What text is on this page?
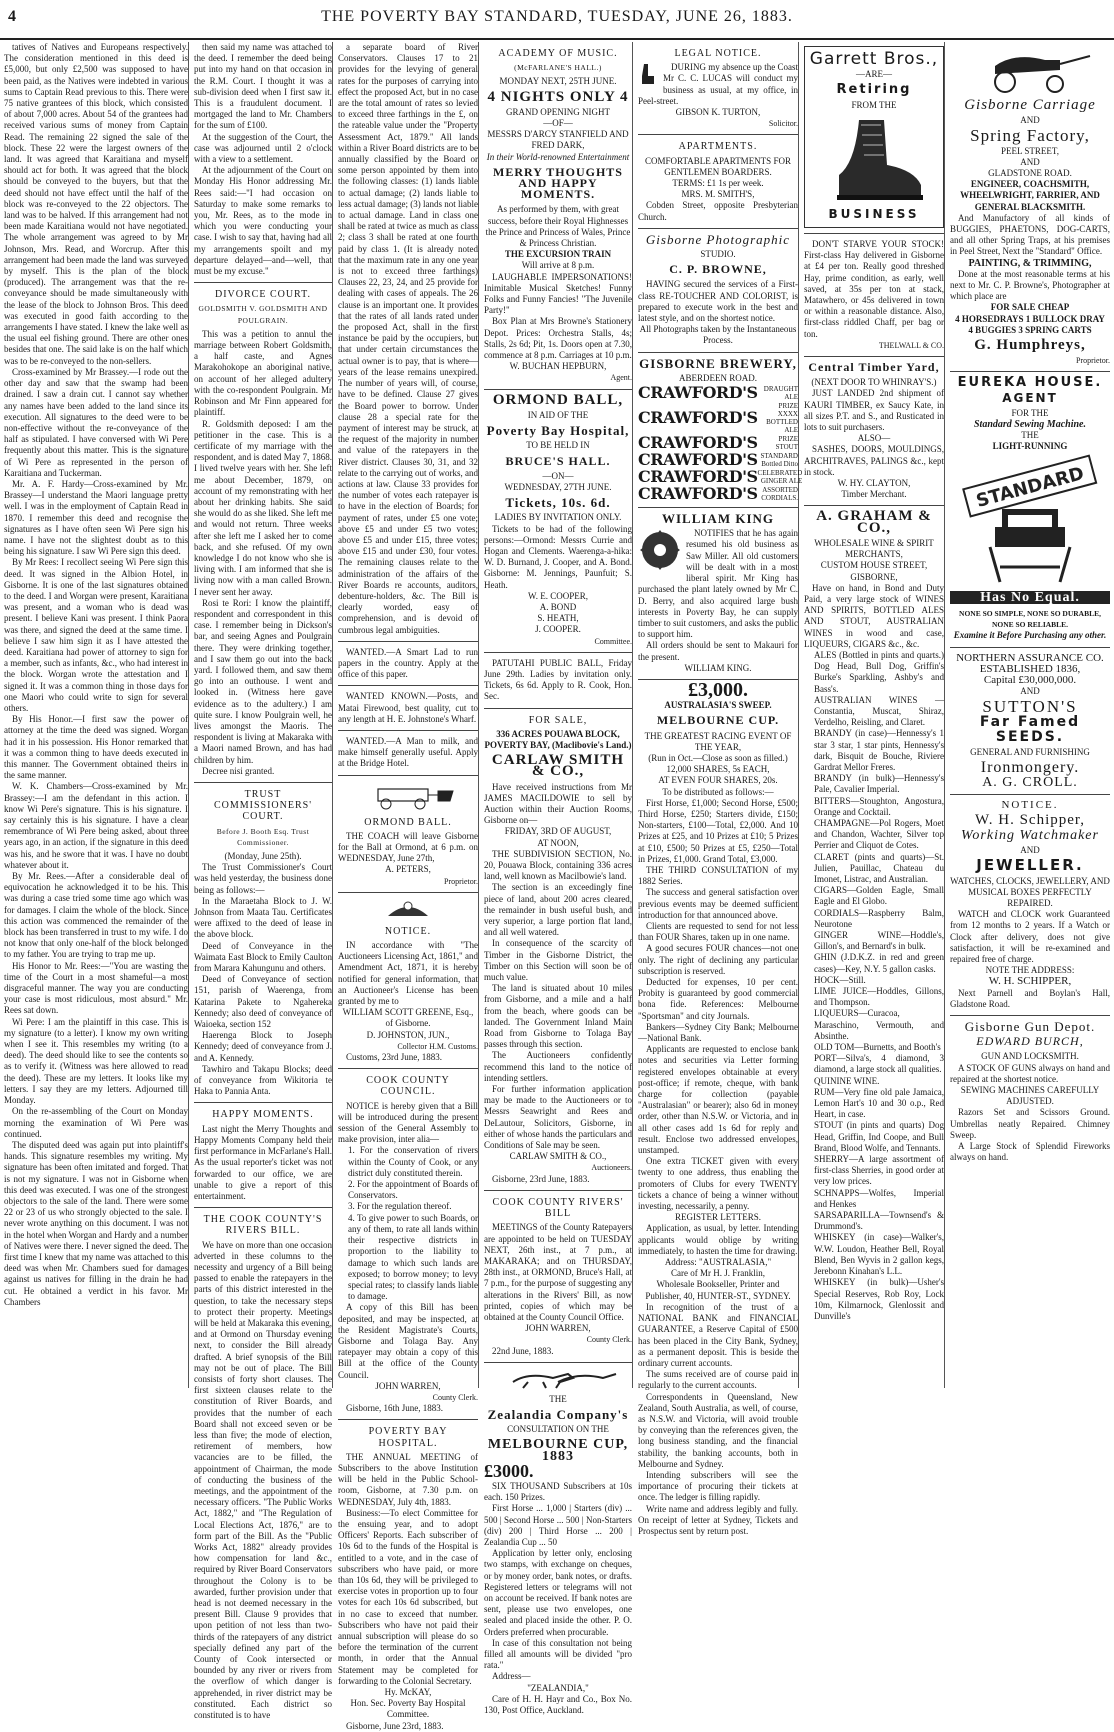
4	THE POVERTY BAY STANDARD, TUESDAY, JUNE 26, 1883.

tatives of Natives and Europeans respectively. The consideration mentioned in this deed is £5,000, but only £2,500 was supposed to have been paid, as the Natives were indebted in various sums to Captain Read previous to this. There were 75 native grantees of this block, which consisted of about 7,000 acres. About 54 of the grantees had received various sums of money from Captain Read. The remaining 22 signed the sale of the block. These 22 were the largest owners of the land. It was agreed that Karaitiana and myself should act for both. It was agreed that the block should be conveyed to the buyers, but that the deed should not have effect until the half of the block was re-conveyed to the 22 objectors. The land was to be halved. If this arrangement had not been made Karaitiana would not have negotiated. The whole arrangement was agreed to by Mr Johnson, Mrs. Read, and Worcrup. After this arrangement had been made the land was surveyed by myself. This is the plan of the block (produced). The arrangement was that the re-conveyance should be made simultaneously with the lease of the block to Johnson Bros. This deed was executed in good faith according to the arrangements I have stated. I knew the lake well as the usual eel fishing ground. There are other ones besides that one. The said lake is on the half which was to be re-conveyed to the non-sellers.

Cross-examined by Mr Brassey.—I rode out the other day and saw that the swamp had been drained. I saw a drain cut. I cannot say whether any names have been added to the land since its execution. All signatures to the deed were to be non-effective without the re-conveyance of the half as stipulated. I have conversed with Wi Pere frequently about this matter. This is the signature of Wi Pere as represented in the person of Karaitiana and Tuckerman.

Mr. A. F. Hardy—Cross-examined by Mr. Brassey—I understand the Maori language pretty well. I was in the employment of Captain Read in 1870. I remember this deed and recognise the signatures as I have often seen Wi Pere sign his name. I have not the slightest doubt as to this being his signature. I saw Wi Pere sign this deed.

By Mr Rees: I recollect seeing Wi Pere sign this deed. It was signed in the Albion Hotel, in Gisborne. It is one of the last signatures obtained to the deed. I and Worgan were present, Karaitiana was present, and a woman who is dead was present. I believe Kani was present. I think Paora was there, and signed the deed at the same time. I believe I saw him sign it as I have attested the deed. Karaitiana had power of attorney to sign for a member, such as infants, &c., who had interest in the block. Worgan wrote the attestation and I signed it. It was a common thing in those days for one Maori who could write to sign for several others.

By His Honor.—I first saw the power of attorney at the time the deed was signed. Worgan had it in his possession. His Honor remarked that it was a common thing to have deeds executed in this manner. The Government obtained theirs in the same manner.

W. K. Chambers—Cross-examined by Mr. Brassey:—I am the defendant in this action. I know Wi Pere's signature. This is his signature. I say certainly this is his signature. I have a clear remembrance of Wi Pere being asked, about three years ago, in an action, if the signature in this deed was his, and he swore that it was. I have no doubt whatever about it.

By Mr. Rees.—After a considerable deal of equivocation he acknowledged it to be his. This was during a case tried some time ago which was for damages. I claim the whole of the block. Since this action was commenced the remainder of the block has been transferred in trust to my wife. I do not know that only one-half of the block belonged to my father. You are trying to trap me up.

His Honor to Mr. Rees:—"You are wasting the time of the Court in a most shameful—a most disgraceful manner. The way you are conducting your case is most ridiculous, most absurd." Mr. Rees sat down.

Wi Pere: I am the plaintiff in this case. This is my signature (to a letter). I know my own writing when I see it. This resembles my writing (to a deed). The deed should like to see the contents so as to verify it. (Witness was here allowed to read the deed). These are my letters. It looks like my letters. I say they are my letters. Adjourned till Monday.

On the re-assembling of the Court on Monday morning the examination of Wi Pere was continued.

The disputed deed was again put into plaintiff's hands. This signature resembles my writing. My signature has been often imitated and forged. That is not my signature. I was not in Gisborne when this deed was executed. I was one of the strongest objectors to the sale of the land. There were some 22 or 23 of us who strongly objected to the sale. I never wrote anything on this document. I was not in the hotel when Worgan and Hardy and a number of Natives were there. I never signed the deed. The first time I knew that my name was attached to this deed was when Mr. Chambers sued for damages against us natives for filling in the drain he had cut. He obtained a verdict in his favor. Mr Chambers

then said my name was attached to the deed. I remember the deed being put into my hand on that occasion in the R.M. Court. I thought it was a sub-division deed when I first saw it. This is a fraudulent document. I mortgaged the land to Mr. Chambers for the sum of £100.

At the suggestion of the Court, the case was adjourned until 2 o'clock with a view to a settlement.

At the adjournment of the Court on Monday His Honor addressing Mr. Rees said:—"I had occasion on Saturday to make some remarks to you, Mr. Rees, as to the mode in which you were conducting your case. I wish to say that, having had all my arrangements spoilt and my departure delayed—and—well, that must be my excuse."

DIVORCE COURT.
GOLDSMITH V. GOLDSMITH AND POULGRAIN.

This was a petition to annul the marriage between Robert Goldsmith, a half caste, and Agnes Marakohokope an aboriginal native, on account of her alleged adultery with the co-respondent Poulgrain. Mr Robinson and Mr Finn appeared for plaintiff.

R. Goldsmith deposed: I am the petitioner in the case. This is a certificate of my marriage with the respondent, and is dated May 7, 1868. I lived twelve years with her. She left me about December, 1879, on account of my remonstrating with her about her drinking habits. She said she would do as she liked. She left me and would not return. Three weeks after she left me I asked her to come back, and she refused. Of my own knowledge I do not know who she is living with. I am informed that she is living now with a man called Brown. I never sent her away.

Rosi te Rori: I know the plaintiff, respondent and correspondent in this case. I remember being in Dickson's bar, and seeing Agnes and Poulgrain there. They were drinking together, and I saw them go out into the back yard. I followed them, and saw them go into an outhouse. I went and looked in. (Witness here gave evidence as to the adultery.) I am quite sure. I know Poulgrain well, he lives amongst the Maoris. The respondent is living at Makaraka with a Maori named Brown, and has had children by him.

Decree nisi granted.

TRUST COMMISSIONERS' COURT.
Before J. Booth Esq. Trust Commissioner.

(Monday, June 25th).

The Trust Commissioner's Court was held yesterday, the business done being as follows:—

In the Maraetaha Block to J. W. Johnson from Maata Tau. Certificates were affixed to the deed of lease in the above block.

Deed of Conveyance in the Waimata East Block to Emily Caulton from Marara Kahungunu and others.

Deed of Conveyance of section 151, parish of Waerenga, from Katarina Pakete to Ngahereka Kennedy; also deed of conveyance of Waioeka, section 152

Haerenga Block to Joseph Kennedy; deed of conveyance from J. and A. Kennedy.

Tawhiro and Takapu Blocks; deed of conveyance from Wikitoria te Haka to Pannia Anta.

HAPPY MOMENTS.

Last night the Merry Thoughts and Happy Moments Company held their first performance in McFarlane's Hall. As the usual reporter's ticket was not forwarded to our office, we are unable to give a report of this entertainment.

THE COOK COUNTY'S RIVERS BILL.

We have on more than one occasion adverted in these columns to the necessity and urgency of a Bill being passed to enable the ratepayers in the parts of this district interested in the question, to take the necessary steps to protect their property. Meetings will be held at Makaraka this evening, and at Ormond on Thursday evening next, to consider the Bill already drafted. A brief synopsis of the Bill may not be out of place. The Bill consists of forty short clauses. The first sixteen clauses relate to the constitution of River Boards, and provides that the number of each Board shall not exceed seven or be less than five; the mode of election, retirement of members, how vacancies are to be filled, the appointment of Chairman, the mode of conducting the business of the meetings, and the appointment of the necessary officers. "The Public Works Act, 1882," and "The Regulation of Local Elections Act, 1876," are to form part of the Bill. As the "Public Works Act, 1882" already provides how compensation for land &c., required by River Board Conservators throughout the Colony is to be awarded, further provision under that head is not deemed necessary in the present Bill. Clause 9 provides that upon petition of not less than two-thirds of the ratepayers of any district specially defined any part of the County of Cook intersected or bounded by any river or rivers from the overflow of which danger is apprehended, in river district may be constituted. Each district so constituted is to have

a separate board of River Conservators. Clauses 17 to 21 provides for the levying of general rates for the purposes of carrying into effect the proposed Act, but in no case are the total amount of rates so levied to exceed three farthings in the £, on the rateable value under the "Property Assessment Act, 1879." All lands within a River Board districts are to be annually classified by the Board or some person appointed by them into the following classes: (1) lands liable to actual damage; (2) lands liable to less actual damage; (3) lands not liable to actual damage. Land in class one shall be rated at twice as much as class 2; class 3 shall be rated at one fourth paid by class 1. (It is already noted that the maximum rate in any one year is not to exceed three farthings) Clauses 22, 23, 24, and 25 provide for dealing with cases of appeals. The 26 clause is an important one. It provides that the rates of all lands rated under the proposed Act, shall in the first instance be paid by the occupiers, but that under certain circumstances the actual owner is to pay, that is where—years of the lease remains unexpired. The number of years will, of course, have to be defined. Clause 27 gives the Board power to borrow. Under clause 28 a special rate for the payment of interest may be struck, at the request of the majority in number and value of the ratepayers in the River district. Clauses 30, 31, and 32 relate to the carrying out of works, and actions at law. Clause 33 provides for the number of votes each ratepayer is to have in the election of Boards; for payment of rates, under £5 one vote; above £5 and under £5 two votes; above £5 and under £15, three votes; above £15 and under £30, four votes. The remaining clauses relate to the administration of the affairs of the River Boards re accounts, auditors, debenture-holders, &c. The Bill is clearly worded, easy of comprehension, and is devoid of cumbrous legal ambiguities.

WANTED.—A Smart Lad to run papers in the country. Apply at the office of this paper.

WANTED KNOWN.—Posts, and Matai Firewood, best quality, cut to any length at H. E. Johnstone's Wharf.

WANTED.—A Man to milk, and make himself generally useful. Apply at the Bridge Hotel.

ORMOND BALL.

THE COACH will leave Gisborne for the Ball at Ormond, at 6 p.m. on WEDNESDAY, June 27th,

A. PETERS,

Proprietor.

NOTICE.

IN accordance with "The Auctioneers Licensing Act, 1861," and Amendment Act, 1871, it is hereby notified for general information, that an Auctioneer's License has been granted by me to

WILLIAM SCOTT GREENE, Esq., of Gisborne.

D. JOHNSTON, JUN.,

Collector H.M. Customs.

Customs, 23rd June, 1883.

COOK COUNTY COUNCIL.

NOTICE is hereby given that a Bill will be introduced during the present session of the General Assembly to make provision, inter alia—

1. For the conservation of rivers within the County of Cook, or any district duly constituted therein.

2. For the appointment of Boards of Conservators.

3. For the regulation thereof.

4. To give power to such Boards, or any of them, to rate all lands within their respective districts in proportion to the liability to damage to which such lands are exposed; to borrow money; to levy special rates; to classify lands liable to damage.

A copy of this Bill has been deposited, and may be inspected, at the Resident Magistrate's Courts, Gisborne and Tolaga Bay. Any ratepayer may obtain a copy of this Bill at the office of the County Council.

JOHN WARREN,

County Clerk.

Gisborne, 16th June, 1883.

POVERTY BAY HOSPITAL.

THE ANNUAL MEETING of Subscribers to the above Institution will be held in the Public School-room, Gisborne, at 7.30 p.m. on WEDNESDAY, July 4th, 1883.

Business:—To elect Committee for the ensuing year, and to adopt Officers' Reports. Each subscriber of 10s 6d to the funds of the Hospital is entitled to a vote, and in the case of subscribers who have paid, or more than 10s 6d, they will be privileged to exercise votes in proportion up to four votes for each 10s 6d subscribed, but in no case to exceed that number. Subscribers who have not paid their annual subscription will please do so before the termination of the current month, in order that the Annual Statement may be completed for forwarding to the Colonial Secretary.

Hy. McKAY,

Hon. Sec. Poverty Bay Hospital Committee.

Gisborne, June 23rd, 1883.

ACADEMY OF MUSIC.
(McFARLANE'S HALL.)

MONDAY NEXT, 25TH JUNE.

4 NIGHTS ONLY 4

GRAND OPENING NIGHT

—OF—

MESSRS D'ARCY STANFIELD AND FRED DARK,

In their World-renowned Entertainment

MERRY THOUGHTS AND HAPPY MOMENTS.

As performed by them, with great success, before their Royal Highnesses the Prince and Princess of Wales, Prince & Princess Christian.

THE EXCURSION TRAIN

Will arrive at 8 p.m.

LAUGHABLE IMPERSONATIONS! Inimitable Musical Sketches! Funny Folks and Funny Fancies! "The Juvenile Party!"

Box Plan at Mrs Browne's Stationery Depot. Prices: Orchestra Stalls, 4s; Stalls, 2s 6d; Pit, 1s. Doors open at 7.30, commence at 8 p.m. Carriages at 10 p.m.

W. BUCHAN HEPBURN,

Agent.

ORMOND BALL,

IN AID OF THE

Poverty Bay Hospital,

TO BE HELD IN

BRUCE'S HALL.

—ON—

WEDNESDAY, 27TH JUNE.

Tickets, 10s. 6d.

LADIES BY INVITATION ONLY.

Tickets to be had of the following persons:—Ormond: Messrs Currie and Hogan and Clements. Waerenga-a-hika: W. D. Burnand, J. Cooper, and A. Bond. Gisborne: M. Jennings, Paunfuit; S. Heath.

W. E. COOPER,

A. BOND

S. HEATH,

J. COOPER.

Committee.

PATUTAHI PUBLIC BALL, Friday June 29th. Ladies by invitation only. Tickets, 6s 6d. Apply to R. Cook, Hon. Sec.

FOR SALE,

336 ACRES POUAWA BLOCK, POVERTY BAY, (Maclibovie's Land.)

CARLAW SMITH & CO.,

Have received instructions from Mr JAMES MACILDOWIE to sell by Auction within their Auction Rooms, Gisborne on—

FRIDAY, 3RD OF AUGUST,

AT NOON,

THE SUBDIVISION SECTION, No. 20, Pouawa Block, containing 336 acres land, well known as Macilbowie's land.

The section is an exceedingly fine piece of land, about 200 acres cleared, the remainder in bush useful bush, and very superior, a large portion flat land, and all well watered.

In consequence of the scarcity of Timber in the Gisborne District, the Timber on this Section will soon be of much value.

The land is situated about 10 miles from Gisborne, and a mile and a half from the beach, where goods can be landed. The Government Inland Main Road from Gisborne to Tolaga Bay passes through this section.

The Auctioneers confidently recommend this land to the notice of intending settlers.

For further information application may be made to the Auctioneers or to Messrs Seawright and Rees and DeLautour, Solicitors, Gisborne, in either of whose hands the particulars and Conditions of Sale may be seen.

CARLAW SMITH & CO.,

Auctioneers.

Gisborne, 23rd June, 1883.

COOK COUNTY RIVERS' BILL

MEETINGS of the County Ratepayers are appointed to be held on TUESDAY NEXT, 26th inst., at 7 p.m., at MAKARAKA; and on THURSDAY, 28th inst., at ORMOND, Bruce's Hall, at 7 p.m., for the purpose of suggesting any alterations in the Rivers' Bill, as now printed, copies of which may be obtained at the County Council Office.

JOHN WARREN,

County Clerk.

22nd June, 1883.

THE

Zealandia Company's

CONSULTATION ON THE

MELBOURNE CUP, 1883
£3000.

SIX THOUSAND Subscribers at 10s each. 150 Prizes.

First Horse ... 1,000 | Starters (div) ... 500 | Second Horse ... 500 | Non-Starters (div) 200 | Third Horse ... 200 | Zealandia Cup ... 50

Application by letter only, enclosing two stamps, with exchange on cheques, or by money order, bank notes, or drafts. Registered letters or telegrams will not on account be received. If bank notes are sent, please use two envelopes, one sealed and placed inside the other. P. O. Orders preferred when procurable.

In case of this consultation not being filled all amounts will be divided "pro rata."

Address—

"ZEALANDIA,"

Care of H. H. Hayr and Co., Box No. 130, Post Office, Auckland.

LEGAL NOTICE.

DURING my absence up the Coast Mr C. C. LUCAS will conduct my business as usual, at my office, in Peel-street.

GIBSON K. TURTON,

Solicitor.

APARTMENTS.

COMFORTABLE APARTMENTS FOR GENTLEMEN BOARDERS.

TERMS: £1 1s per week.

MRS. M. SMITH'S,

Cobden Street, opposite Presbyterian Church.

Gisborne Photographic

STUDIO.

C. P. BROWNE,

HAVING secured the services of a First-class RE-TOUCHER AND COLORIST, is prepared to execute work in the best and latest style, and on the shortest notice.

All Photographs taken by the Instantaneous Process.

GISBORNE BREWERY,

ABERDEEN ROAD.

CRAWFORD'S DRAUGHT ALE
CRAWFORD'S
PRIZE XXXX BOTTLED ALE
CRAWFORD'S	PRIZE STOUT
CRAWFORD'S STANDARD Bottled Ditto
CRAWFORD'S CELEBRATED GINGER ALE
CRAWFORD'S ASSORTED CORDIALS.
WILLIAM KING

NOTIFIES that he has again resumed his old business as Saw Miller. All old customers will be dealt with in a most liberal spirit. Mr King has purchased the plant lately owned by Mr C. D. Berry, and also acquired large bush interests in Poverty Bay, he can supply timber to suit customers, and asks the public to support him.

All orders should be sent to Makauri for the present.

WILLIAM KING.

£3,000.

AUSTRALASIA'S SWEEP.

MELBOURNE CUP.

THE GREATEST RACING EVENT OF THE YEAR,

(Run in Oct.—Close as soon as filled.)

12,000 SHARES, 5s EACH,

AT EVEN FOUR SHARES, 20s.

To be distributed as follows:—

First Horse, £1,000; Second Horse, £500; Third Horse, £250; Starters divide, £150; Non-starters, £100—Total, £2,000. And 10 Prizes at £25, and 10 Prizes at £10; 5 Prizes at £10, £500; 50 Prizes at £5, £250—Total in Prizes, £1,000. Grand Total, £3,000.

THE THIRD CONSULTATION of my 1882 Series.

The success and general satisfaction over previous events may be deemed sufficient introduction for that announced above.

Clients are requested to send for not less than FOUR Shares, taken up in one name.

A good secures FOUR chances—not one only. The right of declining any particular subscription is reserved.

Deducted for expenses, 10 per cent. Probity is guaranteed by good commercial bona fide. References: Melbourne "Sportsman" and city Journals.

Bankers—Sydney City Bank; Melbourne —National Bank.

Applicants are requested to enclose bank notes and securities via Letter forming registered envelopes obtainable at every post-office; if remote, cheque, with bank charge for collection (payable "Australasian" or bearer); also 6d in money order, other than N.S.W. or Victoria, and in all other cases add 1s 6d for reply and result. Enclose two addressed envelopes, unstamped.

One extra TICKET given with every twenty to one address, thus enabling the promoters of Clubs for every TWENTY tickets a chance of being a winner without investing, necessarily, a penny.

REGISTER LETTERS.

Application, as usual, by letter. Intending applicants would oblige by writing immediately, to hasten the time for drawing.

Address: "AUSTRALASIA,"

Care of Mr H. J. Franklin,

Wholesale Bookseller, Printer and Publisher, 40, HUNTER-ST., SYDNEY.

In recognition of the trust of a NATIONAL BANK and FINANCIAL GUARANTEE, a Reserve Capital of £500 has been placed in the City Bank, Sydney, as a permanent deposit. This is beside the ordinary current accounts.

The sums received are of course paid in regularly to the current accounts.

Correspondents in Queensland, New Zealand, South Australia, as well, of course, as N.S.W. and Victoria, will avoid trouble by conveying than the references given, the long business standing, and the financial stability, the banking accounts, both in Melbourne and Sydney.

Intending subscribers will see the importance of procuring their tickets at once. The ledger is filling rapidly.

Write name and address legibly and fully. On receipt of letter at Sydney, Tickets and Prospectus sent by return post.

Garrett Bros.,

—ARE—

Retiring

FROM THE

BUSINESS

DON'T STARVE YOUR STOCK! First-class Hay delivered in Gisborne at £4 per ton. Really good threshed Hay, prime condition, as early, well saved, at 35s per ton at stack, Matawhero, or 45s delivered in town or within a reasonable distance. Also, first-class riddled Chaff, per bag or ton.

THELWALL & CO.

Central Timber Yard,

(NEXT DOOR TO WHINRAY'S.)

JUST LANDED 2nd shipment of KAURI TIMBER, ex Saucy Kate, in all sizes P.T. and S., and Rusticated in lots to suit purchasers.

ALSO—

SASHES, DOORS, MOULDINGS, ARCHITRAVES, PALINGS &c., kept in stock.

W. HY. CLAYTON,

Timber Merchant.

A. GRAHAM & CO.,

WHOLESALE WINE & SPIRIT MERCHANTS,

CUSTOM HOUSE STREET,

GISBORNE,

Have on hand, in Bond and Duty Paid, a very large stock of WINES AND SPIRITS, BOTTLED ALES AND STOUT, AUSTRALIAN WINES in wood and case, LIQUEURS, CIGARS &c., &c.

ALES (Bottled in pints and quarts.) Dog Head, Bull Dog, Griffin's Burke's Sparkling, Ashby's and Bass's.

AUSTRALIAN WINES — Constantia, Muscat, Shiraz, Verdelho, Reisling, and Claret.

BRANDY (in case)—Hennessy's 1 star 3 star, 1 star pints, Hennessy's dark, Bisquit de Bouche, Riviere Gardrat Mellor Freres.

BRANDY (in bulk)—Hennessy's Pale, Cavalier Imperial.

BITTERS—Stoughton, Angostura, Orange and Cocktail.

CHAMPAGNE—Pol Rogers, Moet and Chandon, Wachter, Silver top Perrier and Cliquot de Cotes.

CLARET (pints and quarts)—St. Julien, Pauillac, Chateau du Imonet, Listrac, and Australian.

CIGARS—Golden Eagle, Small Eagle and El Globo.

CORDIALS—Raspberry Balm, Neurotone

GINGER WINE—Hoddle's, Gillon's, and Bernard's in bulk.

GHIN (J.D.K.Z. in red and green cases)—Key, N.Y. 5 gallon casks.

HOCK—Still.

LIME JUICE—Hoddles, Gillons, and Thompson.

LIQUEURS—Curacoa, Maraschino, Vermouth, and Absinthe.

OLD TOM—Burnetts, and Booth's

PORT—Silva's, 4 diamond, 3 diamond, a large stock all qualities.

QUININE WINE.

RUM—Very fine old pale Jamaica, Lemon Hart's 10 and 30 o.p., Red Heart, in case.

STOUT (in pints and quarts) Dog Head, Griffin, Ind Coope, and Bull Brand, Blood Wolfe, and Tennants.

SHERRY—A large assortment of first-class Sherries, in good order at very low prices.

SCHNAPPS—Wolfes, Imperial and Henkes

SARSAPARILLA—Townsend's & Drummond's.

WHISKEY (in case)—Walker's, W.W. Loudon, Heather Bell, Royal Blend, Ben Wyvis in 2 gallon kegs, Jerebonn Kinahan's L.L.

WHISKEY (in bulk)—Usher's Special Reserves, Rob Roy, Lock 10m, Kilmarnock, Glenlossit and Dunville's

Gisborne Carriage

AND

Spring Factory,

PEEL STREET,

AND

GLADSTONE ROAD.

ENGINEER, COACHSMITH, WHEELWRIGHT, FARRIER, AND GENERAL BLACKSMITH.

And Manufactory of all kinds of BUGGIES, PHAETONS, DOG-CARTS, and all other Spring Traps, at his premises in Peel Street, Next the "Standard" Office.

PAINTING, & TRIMMING,

Done at the most reasonable terms at his next to Mr. C. P. Browne's, Photographer at which place are

FOR SALE CHEAP

4 HORSEDRAYS 1 BULLOCK DRAY

4 BUGGIES 3 SPRING CARTS

G. Humphreys,

Proprietor.

EUREKA HOUSE.
AGENT

FOR THE

Standard Sewing Machine.

THE

LIGHT-RUNNING

STANDARD
Has No Equal.

NONE SO SIMPLE, NONE SO DURABLE, NONE SO RELIABLE.

Examine it Before Purchasing any other.

NORTHERN ASSURANCE CO.

ESTABLISHED 1836,

Capital £30,000,000.

AND

SUTTON'S
Far Famed
SEEDS.

GENERAL AND FURNISHING

Ironmongery.
A. G. CROLL.

NOTICE.

W. H. Schipper,
Working Watchmaker

AND

JEWELLER.

WATCHES, CLOCKS, JEWELLERY, AND MUSICAL BOXES PERFECTLY REPAIRED.

WATCH and CLOCK work Guaranteed from 12 months to 2 years. If a Watch or Clock after delivery, does not give satisfaction, it will be re-examined and repaired free of charge.

NOTE THE ADDRESS:

W. H. SCHIPPER,

Next Parnell and Boylan's Hall, Gladstone Road.

Gisborne Gun Depot.
EDWARD BURCH,

GUN AND LOCKSMITH.

A STOCK OF GUNS always on hand and repaired at the shortest notice.

SEWING MACHINES CAREFULLY ADJUSTED.

Razors Set and Scissors Ground. Umbrellas neatly Repaired. Chimney Sweep.

A Large Stock of Splendid Fireworks always on hand.
